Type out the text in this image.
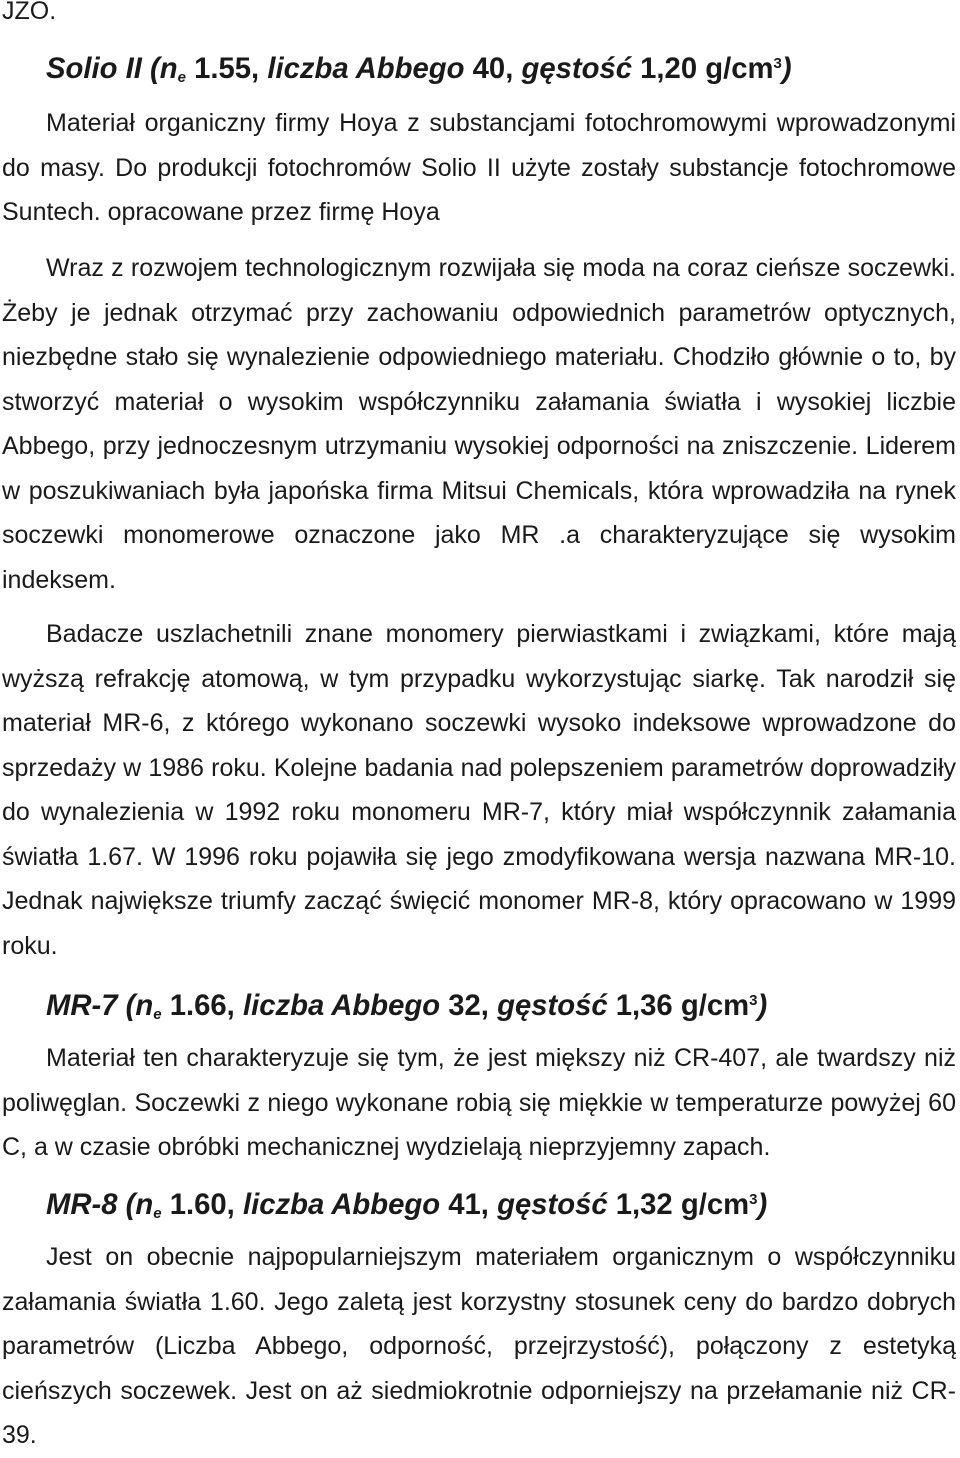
JZO.

Solio II ($n_e$ 1.55, liczba Abbego 40, gęstość 1,20 $g/cm^3$)

Materiał organiczny firmy Hoya z substancjami fotochromowymi wprowadzonymi do masy. Do produkcji fotochromów Solio II użyte zostały substancje fotochromowe Suntech. opracowane przez firmę Hoya

Wraz z rozwojem technologicznym rozwijała się moda na coraz cieńsze soczewki. Żeby je jednak otrzymać przy zachowaniu odpowiednich parametrów optycznych, niezbędne stało się wynalezienie odpowiedniego materiału. Chodziło głównie o to, by stworzyć materiał o wysokim współczynniku załamania światła i wysokiej liczbie Abbego, przy jednoczesnym utrzymaniu wysokiej odporności na zniszczenie. Liderem w poszukiwaniach była japońska firma Mitsui Chemicals, która wprowadziła na rynek soczewki monomerowe oznaczone jako MR .a charakteryzujące się wysokim indeksem.

Badacze uszlachetnili znane monomery pierwiastkami i związkami, które mają wyższą refrakcję atomową, w tym przypadku wykorzystując siarkę. Tak narodził się materiał MR-6, z którego wykonano soczewki wysoko indeksowe wprowadzone do sprzedaży w 1986 roku. Kolejne badania nad polepszeniem parametrów doprowadziły do wynalezienia w 1992 roku monomeru MR-7, który miał współczynnik załamania światła 1.67. W 1996 roku pojawiła się jego zmodyfikowana wersja nazwana MR-10. Jednak największe triumfy zacząć święcić monomer MR-8, który opracowano w 1999 roku.

MR-7 ($n_e$ 1.66, liczba Abbego 32, gęstość 1,36 $g/cm^3$)

Materiał ten charakteryzuje się tym, że jest miększy niż CR-407, ale twardszy niż poliwęglan. Soczewki z niego wykonane robią się miękkie w temperaturze powyżej 60 C, a w czasie obróbki mechanicznej wydzielają nieprzyjemny zapach.

MR-8 ($n_e$ 1.60, liczba Abbego 41, gęstość 1,32 $g/cm^3$)

Jest on obecnie najpopularniejszym materiałem organicznym o współczynniku załamania światła 1.60. Jego zaletą jest korzystny stosunek ceny do bardzo dobrych parametrów (Liczba Abbego, odporność, przejrzystość), połączony z estetyką cieńszych soczewek. Jest on aż siedmiokrotnie odporniejszy na przełamanie niż CR-39.
